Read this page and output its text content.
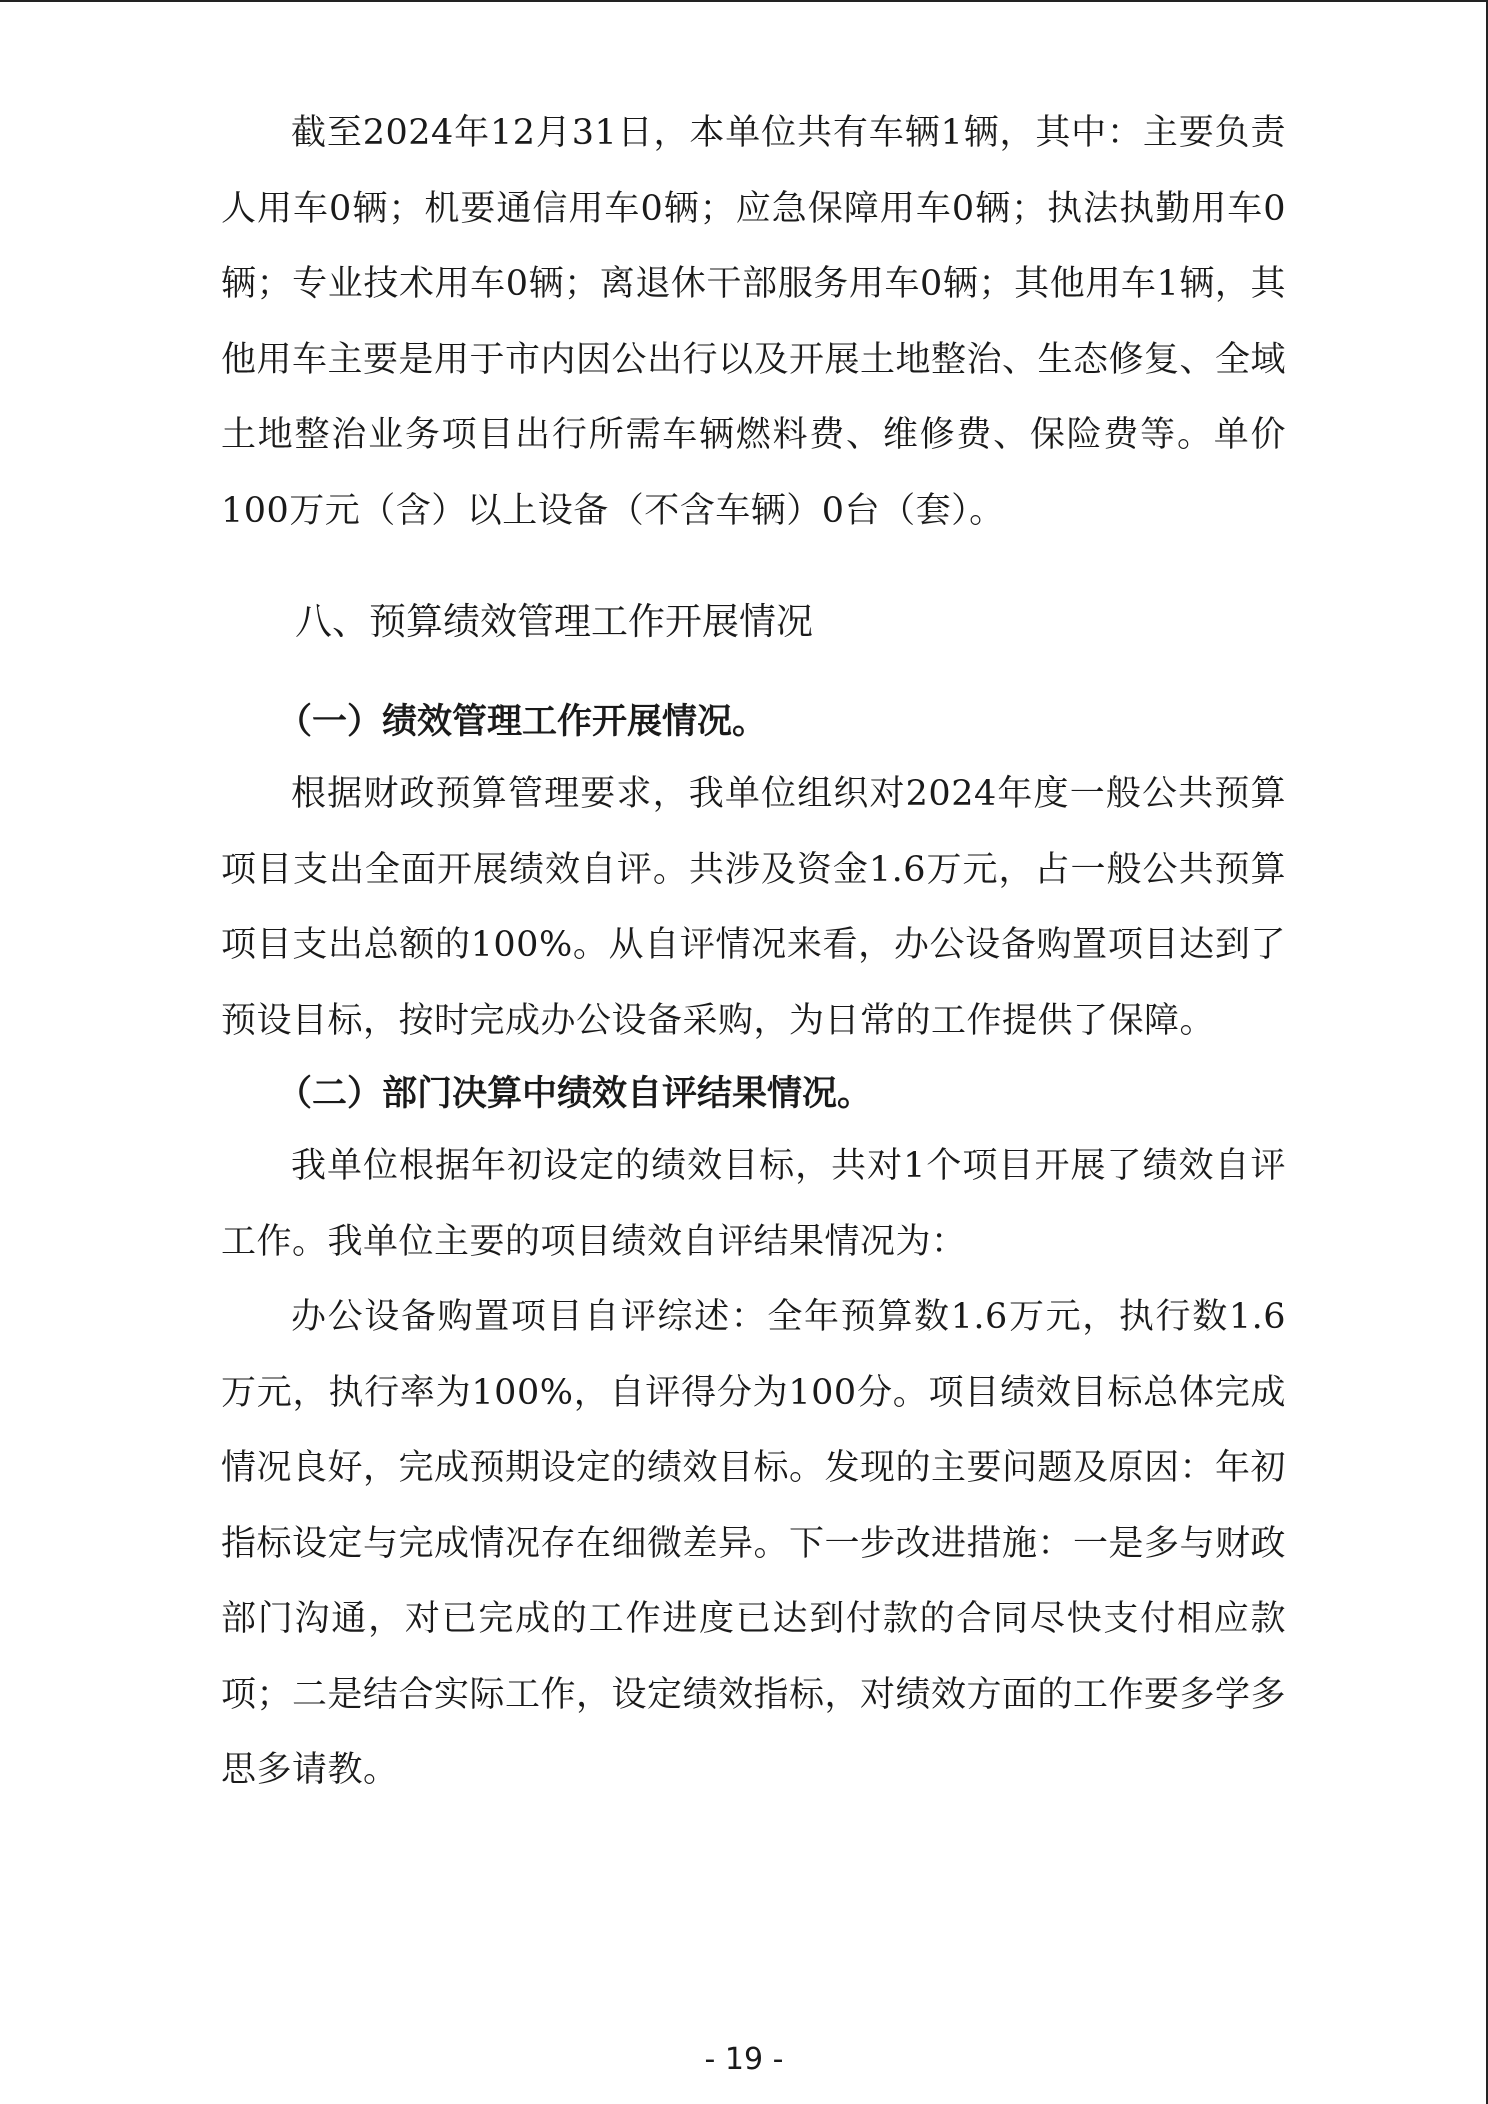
截至2024年12月31日，本单位共有车辆1辆，其中：主要负责人用车0辆；机要通信用车0辆；应急保障用车0辆；执法执勤用车0辆；专业技术用车0辆；离退休干部服务用车0辆；其他用车1辆，其他用车主要是用于市内因公出行以及开展土地整治、生态修复、全域土地整治业务项目出行所需车辆燃料费、维修费、保险费等。单价100万元（含）以上设备（不含车辆）0台（套）。

八、预算绩效管理工作开展情况
（一）绩效管理工作开展情况。

根据财政预算管理要求，我单位组织对2024年度一般公共预算项目支出全面开展绩效自评。共涉及资金1.6万元，占一般公共预算项目支出总额的100%。从自评情况来看，办公设备购置项目达到了预设目标，按时完成办公设备采购，为日常的工作提供了保障。

（二）部门决算中绩效自评结果情况。

我单位根据年初设定的绩效目标，共对1个项目开展了绩效自评工作。我单位主要的项目绩效自评结果情况为：

办公设备购置项目自评综述：全年预算数1.6万元，执行数1.6万元，执行率为100%，自评得分为100分。项目绩效目标总体完成情况良好，完成预期设定的绩效目标。发现的主要问题及原因：年初指标设定与完成情况存在细微差异。下一步改进措施：一是多与财政部门沟通，对已完成的工作进度已达到付款的合同尽快支付相应款项；二是结合实际工作，设定绩效指标，对绩效方面的工作要多学多思多请教。

- 19 -
